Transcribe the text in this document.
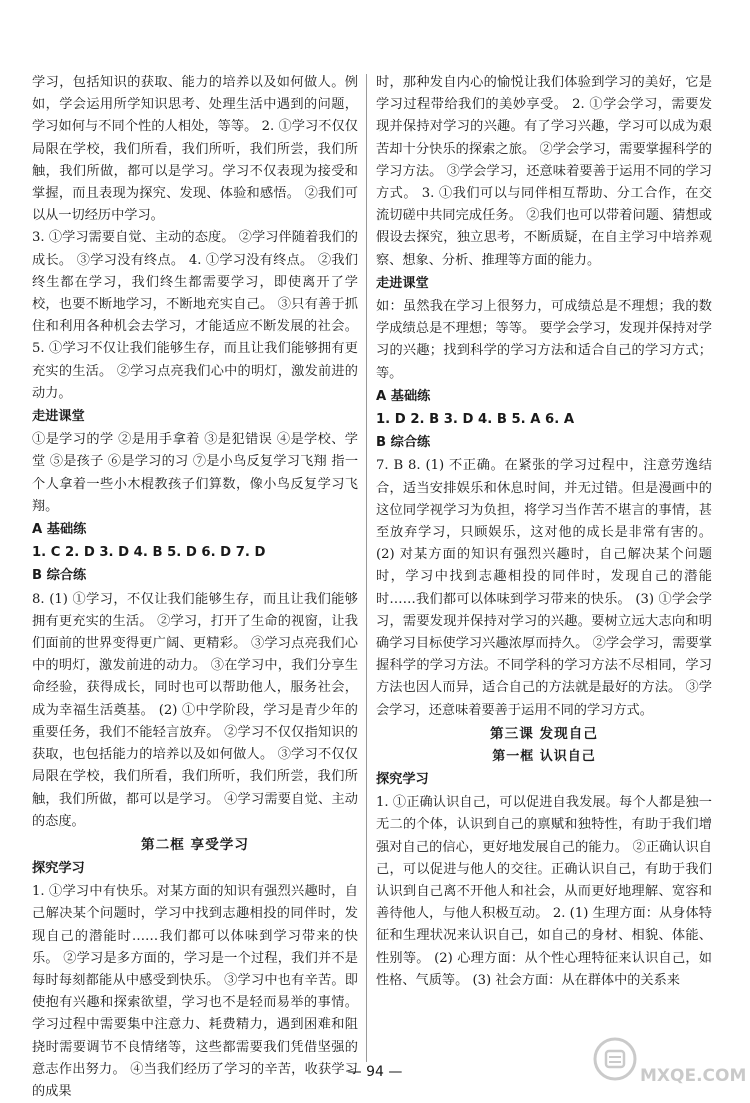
学习，包括知识的获取、能力的培养以及如何做人。例如，学会运用所学知识思考、处理生活中遇到的问题，学习如何与不同个性的人相处，等等。 2. ①学习不仅仅局限在学校，我们所看，我们所听，我们所尝，我们所触，我们所做，都可以是学习。学习不仅表现为接受和掌握，而且表现为探究、发现、体验和感悟。 ②我们可以从一切经历中学习。

3. ①学习需要自觉、主动的态度。 ②学习伴随着我们的成长。 ③学习没有终点。 4. ①学习没有终点。 ②我们终生都在学习，我们终生都需要学习，即使离开了学校，也要不断地学习，不断地充实自己。 ③只有善于抓住和利用各种机会去学习，才能适应不断发展的社会。 5. ①学习不仅让我们能够生存，而且让我们能够拥有更充实的生活。 ②学习点亮我们心中的明灯，激发前进的动力。

走进课堂

①是学习的学 ②是用手拿着 ③是犯错误 ④是学校、学堂 ⑤是孩子 ⑥是学习的习 ⑦是小鸟反复学习飞翔 指一个人拿着一些小木棍教孩子们算数，像小鸟反复学习飞翔。

A 基础练

1. C 2. D 3. D 4. B 5. D 6. D 7. D

B 综合练

8. (1) ①学习，不仅让我们能够生存，而且让我们能够拥有更充实的生活。 ②学习，打开了生命的视窗，让我们面前的世界变得更广阔、更精彩。 ③学习点亮我们心中的明灯，激发前进的动力。 ③在学习中，我们分享生命经验，获得成长，同时也可以帮助他人，服务社会，成为幸福生活奠基。 (2) ①中学阶段，学习是青少年的重要任务，我们不能轻言放弃。 ②学习不仅仅指知识的获取，也包括能力的培养以及如何做人。 ③学习不仅仅局限在学校，我们所看，我们所听，我们所尝，我们所触，我们所做，都可以是学习。 ④学习需要自觉、主动的态度。

第二框 享受学习
探究学习

1. ①学习中有快乐。对某方面的知识有强烈兴趣时，自己解决某个问题时，学习中找到志趣相投的同伴时，发现自己的潜能时……我们都可以体味到学习带来的快乐。 ②学习是多方面的，学习是一个过程，我们并不是每时每刻都能从中感受到快乐。 ③学习中也有辛苦。即使抱有兴趣和探索欲望，学习也不是轻而易举的事情。学习过程中需要集中注意力、耗费精力，遇到困难和阻挠时需要调节不良情绪等，这些都需要我们凭借坚强的意志作出努力。 ④当我们经历了学习的辛苦，收获学习的成果

时，那种发自内心的愉悦让我们体验到学习的美好，它是学习过程带给我们的美妙享受。 2. ①学会学习，需要发现并保持对学习的兴趣。有了学习兴趣，学习可以成为艰苦却十分快乐的探索之旅。 ②学会学习，需要掌握科学的学习方法。 ③学会学习，还意味着要善于运用不同的学习方式。 3. ①我们可以与同伴相互帮助、分工合作，在交流切磋中共同完成任务。 ②我们也可以带着问题、猜想或假设去探究，独立思考，不断质疑，在自主学习中培养观察、想象、分析、推理等方面的能力。

走进课堂

如：虽然我在学习上很努力，可成绩总是不理想；我的数学成绩总是不理想；等等。 要学会学习，发现并保持对学习的兴趣；找到科学的学习方法和适合自己的学习方式；等。

A 基础练

1. D 2. B 3. D 4. B 5. A 6. A

B 综合练

7. B 8. (1) 不正确。在紧张的学习过程中，注意劳逸结合，适当安排娱乐和休息时间，并无过错。但是漫画中的这位同学视学习为负担，将学习当作苦不堪言的事情，甚至放弃学习，只顾娱乐，这对他的成长是非常有害的。 (2) 对某方面的知识有强烈兴趣时，自己解决某个问题时，学习中找到志趣相投的同伴时，发现自己的潜能时……我们都可以体味到学习带来的快乐。 (3) ①学会学习，需要发现并保持对学习的兴趣。要树立远大志向和明确学习目标使学习兴趣浓厚而持久。 ②学会学习，需要掌握科学的学习方法。不同学科的学习方法不尽相同，学习方法也因人而异，适合自己的方法就是最好的方法。 ③学会学习，还意味着要善于运用不同的学习方式。

第三课 发现自己
第一框 认识自己
探究学习

1. ①正确认识自己，可以促进自我发展。每个人都是独一无二的个体，认识到自己的禀赋和独特性，有助于我们增强对自己的信心，更好地发展自己的能力。 ②正确认识自己，可以促进与他人的交往。正确认识自己，有助于我们认识到自己离不开他人和社会，从而更好地理解、宽容和善待他人，与他人积极互动。 2. (1) 生理方面：从身体特征和生理状况来认识自己，如自己的身材、相貌、体能、性别等。 (2) 心理方面：从个性心理特征来认识自己，如性格、气质等。 (3) 社会方面：从在群体中的关系来

— 94 —	MXQE.COM
